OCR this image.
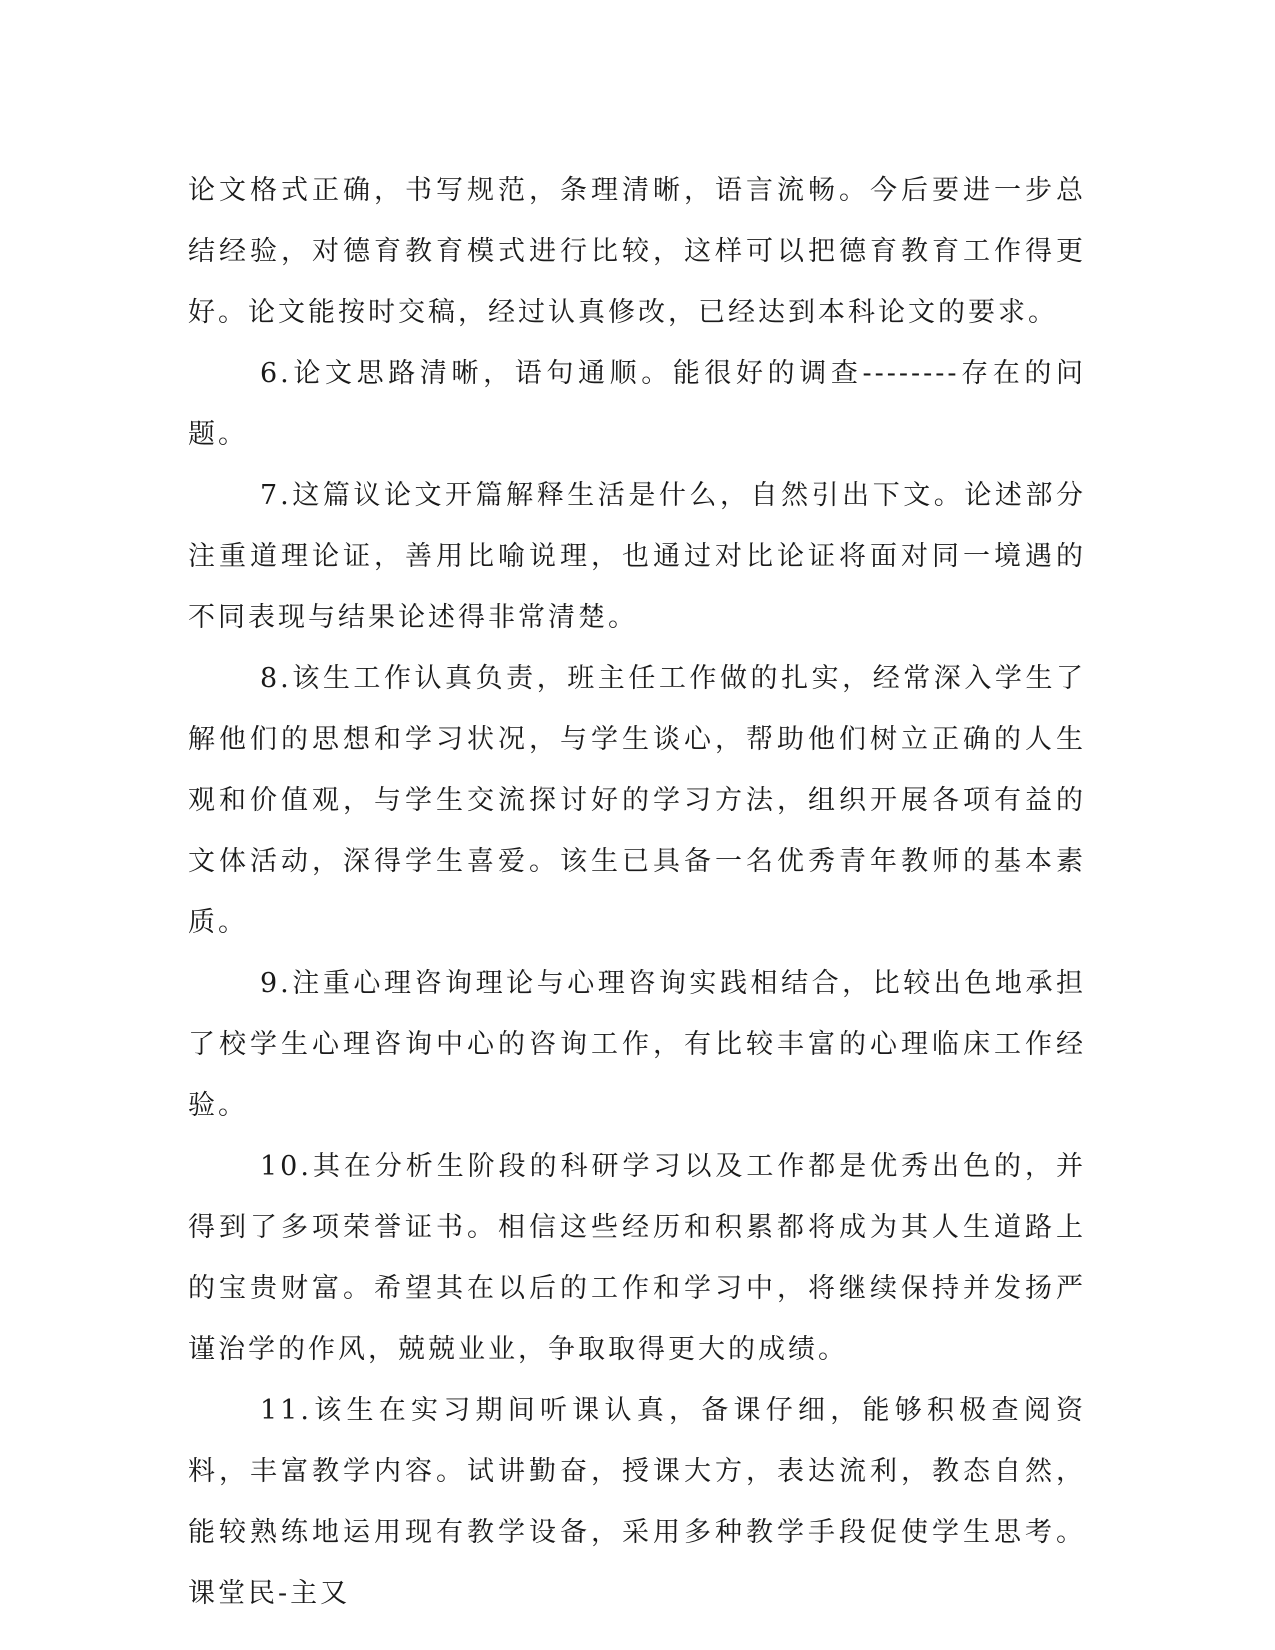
论文格式正确，书写规范，条理清晰，语言流畅。今后要进一步总结经验，对德育教育模式进行比较，这样可以把德育教育工作得更好。论文能按时交稿，经过认真修改，已经达到本科论文的要求。

6.论文思路清晰，语句通顺。能很好的调查--------存在的问题。

7.这篇议论文开篇解释生活是什么，自然引出下文。论述部分注重道理论证，善用比喻说理，也通过对比论证将面对同一境遇的不同表现与结果论述得非常清楚。

8.该生工作认真负责，班主任工作做的扎实，经常深入学生了解他们的思想和学习状况，与学生谈心，帮助他们树立正确的人生观和价值观，与学生交流探讨好的学习方法，组织开展各项有益的文体活动，深得学生喜爱。该生已具备一名优秀青年教师的基本素质。

9.注重心理咨询理论与心理咨询实践相结合，比较出色地承担了校学生心理咨询中心的咨询工作，有比较丰富的心理临床工作经验。

10.其在分析生阶段的科研学习以及工作都是优秀出色的，并得到了多项荣誉证书。相信这些经历和积累都将成为其人生道路上的宝贵财富。希望其在以后的工作和学习中，将继续保持并发扬严谨治学的作风，兢兢业业，争取取得更大的成绩。

11.该生在实习期间听课认真，备课仔细，能够积极查阅资料，丰富教学内容。试讲勤奋，授课大方，表达流利，教态自然，能较熟练地运用现有教学设备，采用多种教学手段促使学生思考。课堂民-主又
